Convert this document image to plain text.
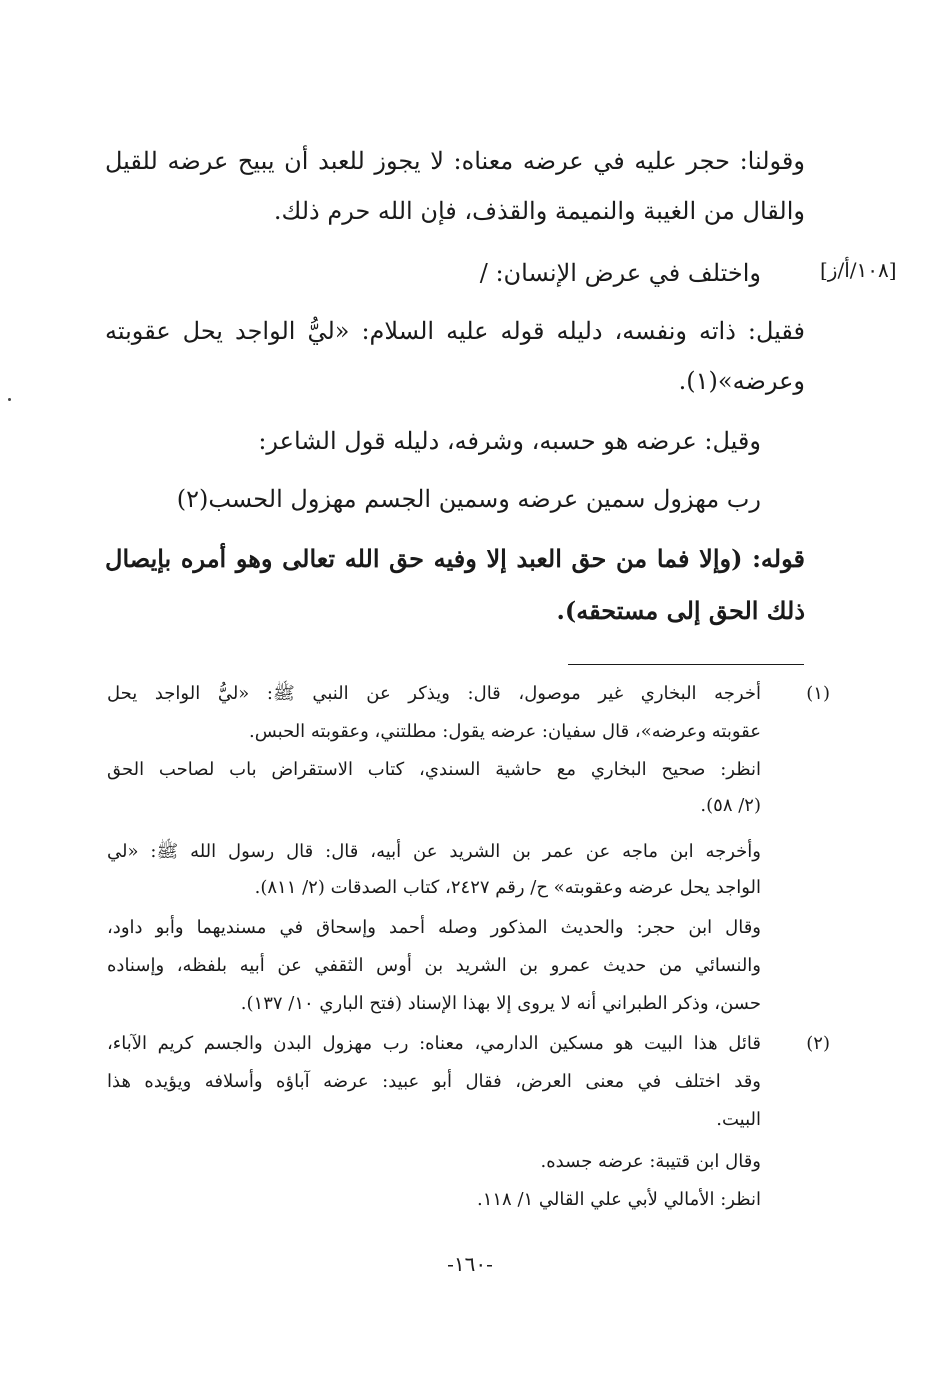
وقولنا: حجر عليه في عرضه معناه: لا يجوز للعبد أن يبيح عرضه للقيل
والقال من الغيبة والنميمة والقذف، فإن الله حرم ذلك.
[١٠٨/أ/ز]
واختلف في عرض الإنسان: /
فقيل: ذاته ونفسه، دليله قوله عليه السلام: «ليُّ الواجد يحل عقوبته
وعرضه»(١).
وقيل: عرضه هو حسبه، وشرفه، دليله قول الشاعر:
رب مهزول سمين عرضه وسمين الجسم مهزول الحسب(٢)
قوله: (وإلا فما من حق العبد إلا وفيه حق الله تعالى وهو أمره بإيصال
ذلك الحق إلى مستحقه).
(١)
أخرجه البخاري غير موصول، قال: ويذكر عن النبي ﷺ: «ليُّ الواجد يحل
عقوبته وعرضه»، قال سفيان: عرضه يقول: مطلتني، وعقوبته الحبس.
انظر: صحيح البخاري مع حاشية السندي، كتاب الاستقراض باب لصاحب الحق
(٢/ ٥٨).
وأخرجه ابن ماجه عن عمر بن الشريد عن أبيه، قال: قال رسول الله ﷺ: «لي
الواجد يحل عرضه وعقوبته» ح/ رقم ٢٤٢٧، كتاب الصدقات (٢/ ٨١١).
وقال ابن حجر: والحديث المذكور وصله أحمد وإسحاق في مسنديهما وأبو داود،
والنسائي من حديث عمرو بن الشريد بن أوس الثقفي عن أبيه بلفظه، وإسناده
حسن، وذكر الطبراني أنه لا يروى إلا بهذا الإسناد (فتح الباري ١٠/ ١٣٧).
(٢)
قائل هذا البيت هو مسكين الدارمي، معناه: رب مهزول البدن والجسم كريم الآباء،
وقد اختلف في معنى العرض، فقال أبو عبيد: عرضه آباؤه وأسلافه ويؤيده هذا
البيت.
وقال ابن قتيبة: عرضه جسده.
انظر: الأمالي لأبي علي القالي ١/ ١١٨.
-١٦٠-
